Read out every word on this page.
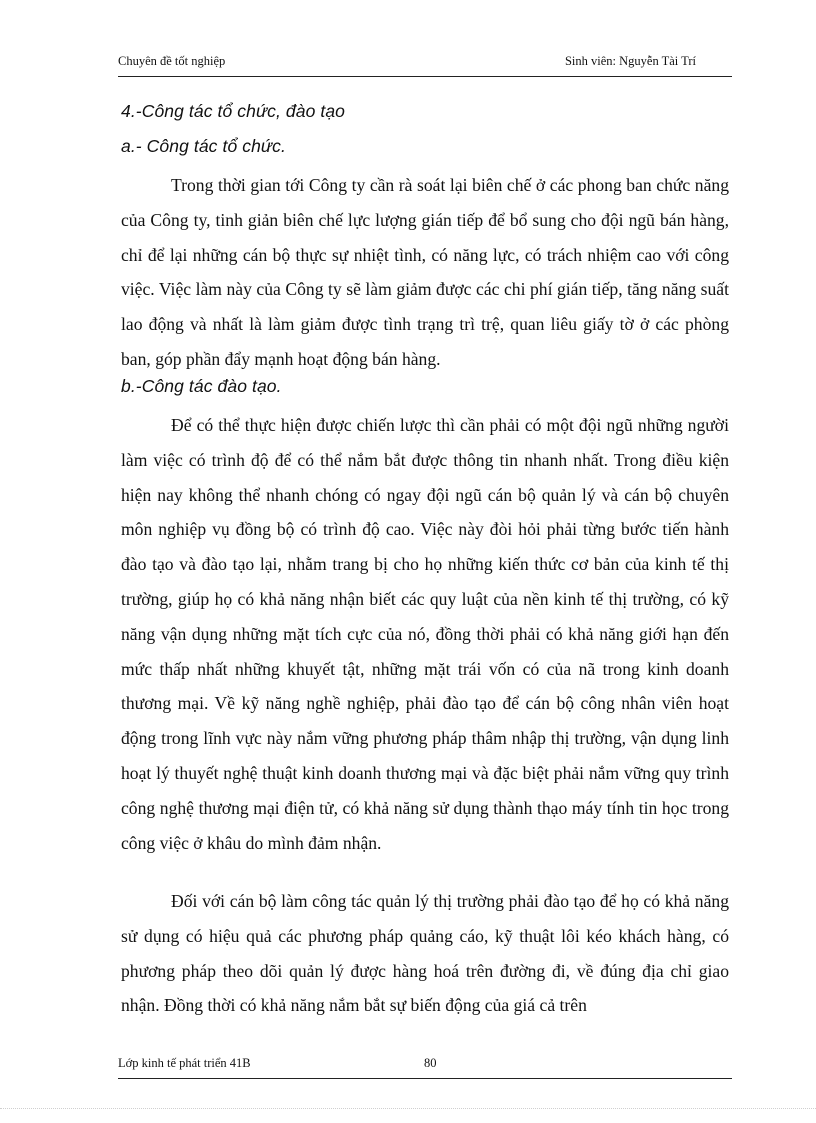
Chuyên đề tốt nghiệp	Sinh viên: Nguyễn Tài Trí
4.-Công tác tổ chức, đào tạo
a.- Công tác tổ chức.

Trong thời gian tới Công ty cần rà soát lại biên chế ở các phong ban chức năng của Công ty, tinh giản biên chế lực lượng gián tiếp để bổ sung cho đội ngũ bán hàng, chỉ để lại những cán bộ thực sự nhiệt tình, có năng lực, có trách nhiệm cao với công việc. Việc làm này của Công ty sẽ làm giảm được các chi phí gián tiếp, tăng năng suất lao động và nhất là làm giảm được tình trạng trì trệ, quan liêu giấy tờ ở các phòng ban, góp phần đẩy mạnh hoạt động bán hàng.

b.-Công tác đào tạo.

Để có thể thực hiện được chiến lược thì cần phải có một đội ngũ những người làm việc có trình độ để có thể nắm bắt được thông tin nhanh nhất. Trong điều kiện hiện nay không thể nhanh chóng có ngay đội ngũ cán bộ quản lý và cán bộ chuyên môn nghiệp vụ đồng bộ có trình độ cao. Việc này đòi hỏi phải từng bước tiến hành đào tạo và đào tạo lại, nhằm trang bị cho họ những kiến thức cơ bản của kinh tế thị trường, giúp họ có khả năng nhận biết các quy luật của nền kinh tế thị trường, có kỹ năng vận dụng những mặt tích cực của nó, đồng thời phải có khả năng giới hạn đến mức thấp nhất những khuyết tật, những mặt trái vốn có của nã trong kinh doanh thương mại. Về kỹ năng nghề nghiệp, phải đào tạo để cán bộ công nhân viên hoạt động trong lĩnh vực này nắm vững phương pháp thâm nhập thị trường, vận dụng linh hoạt lý thuyết nghệ thuật kinh doanh thương mại và đặc biệt phải nắm vững quy trình công nghệ thương mại điện tử, có khả năng sử dụng thành thạo máy tính tin học trong công việc ở khâu do mình đảm nhận.

Đối với cán bộ làm công tác quản lý thị trường phải đào tạo để họ có khả năng sử dụng có hiệu quả các phương pháp quảng cáo, kỹ thuật lôi kéo khách hàng, có phương pháp theo dõi quản lý được hàng hoá trên đường đi, về đúng địa chỉ giao nhận. Đồng thời có khả năng nắm bắt sự biến động của giá cả trên

Lớp kinh tế phát triển 41B	80
